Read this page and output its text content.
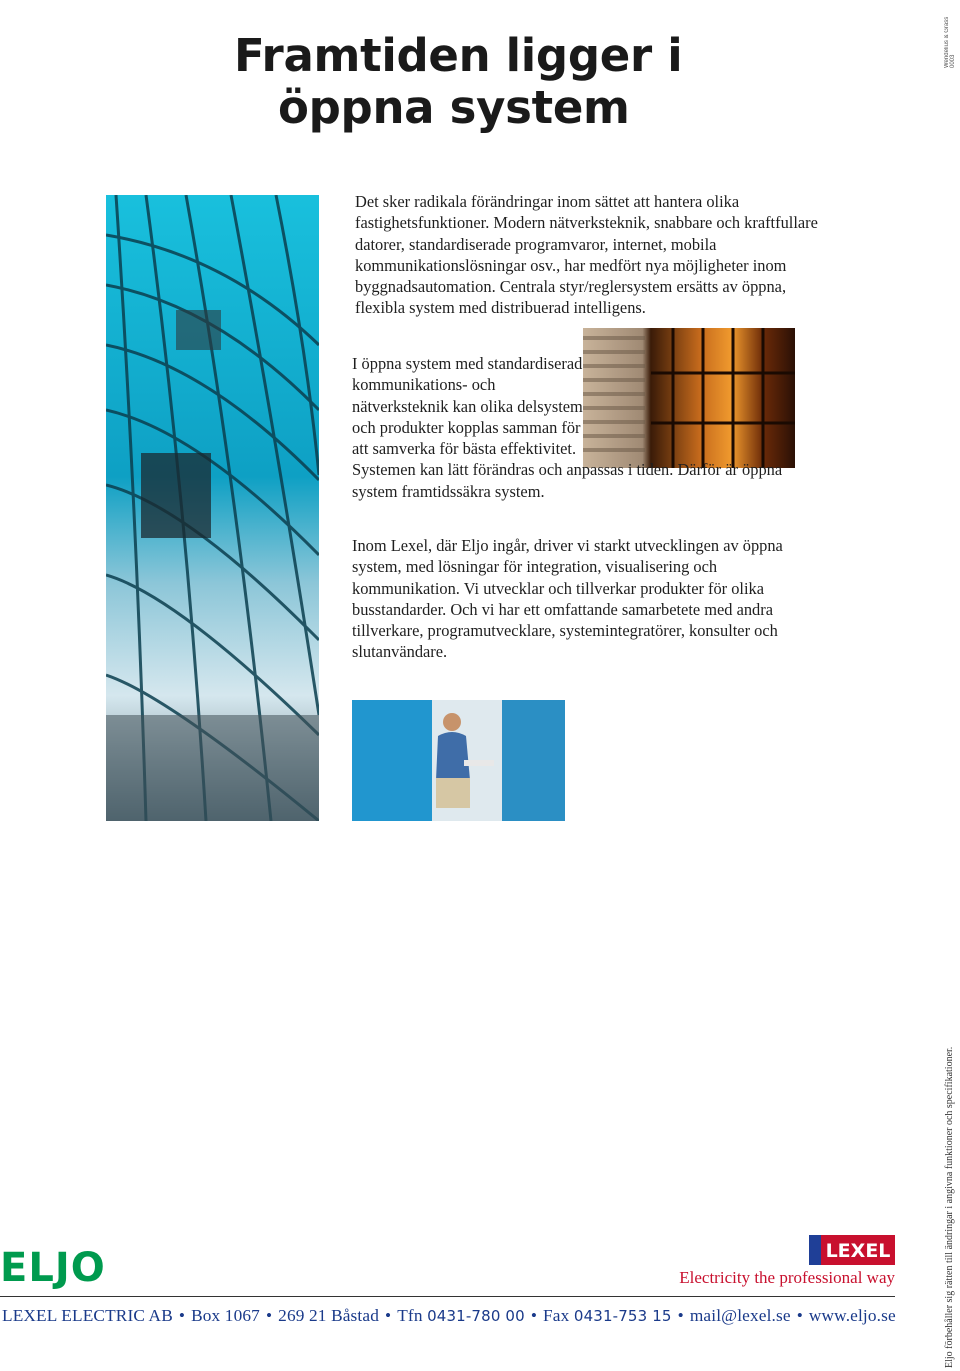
Framtiden ligger i
öppna system
Wendelius & Grass 0003

Det sker radikala förändringar inom sättet att hantera olika fastighetsfunktioner. Modern nätverksteknik, snabbare och kraftfullare datorer, standardiserade programvaror, internet, mobila kommunikationslösningar osv., har medfört nya möjligheter inom byggnadsautomation. Centrala styr/reglersystem ersätts av öppna, flexibla system med distribuerad intelligens.

I öppna system med standardiserad kommunikations- och nätverksteknik kan olika delsystem och produkter kopplas samman för att samverka för bästa effektivitet.
Systemen kan lätt förändras och anpassas i tiden. Därför är öppna system framtidssäkra system.

Inom Lexel, där Eljo ingår, driver vi starkt utvecklingen av öppna system, med lösningar för integration, visualisering och kommunikation. Vi utvecklar och tillverkar produkter för olika busstandarder. Och vi har ett omfattande samarbetete med andra tillverkare, programutvecklare, systemintegratörer, konsulter och slutanvändare.

ELJO	LEXEL
Electricity the professional way
LEXEL ELECTRIC AB • Box 1067 • 269 21 Båstad • Tfn 0431-780 00 • Fax 0431-753 15 • mail@lexel.se • www.eljo.se	Eljo förbehåller sig rätten till ändringar i angivna funktioner och specifikationer.
